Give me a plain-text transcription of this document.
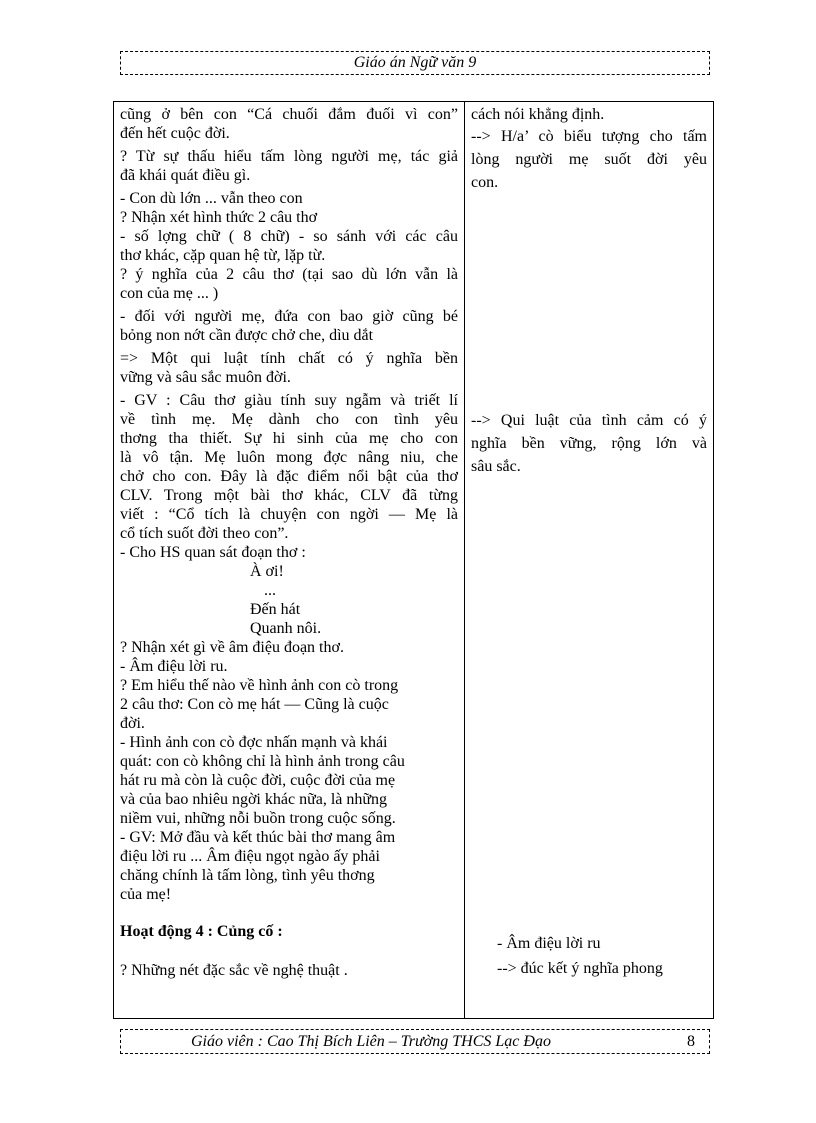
Giáo án Ngữ văn 9

cũng ở bên con “Cá chuối đắm đuối vì con”

đến hết cuộc đời.

? Từ sự thấu hiểu tấm lòng người mẹ, tác giả

đã khái quát điều gì.

- Con dù lớn ... vẫn theo con

? Nhận xét hình thức 2 câu thơ

- số lợng chữ ( 8 chữ) - so sánh với các câu

thơ khác, cặp quan hệ từ, lặp từ.

? ý nghĩa của 2 câu thơ (tại sao dù lớn vẫn là

con của mẹ ... )

- đối với người mẹ, đứa con bao giờ cũng bé

bỏng non nớt cần được chở che, dìu dắt

=> Một qui luật tính chất có ý nghĩa bền

vững và sâu sắc muôn đời.

- GV : Câu thơ giàu tính suy ngẫm và triết lí

về tình mẹ. Mẹ dành cho con tình yêu

thơng tha thiết. Sự hi sinh của mẹ cho con

là vô tận. Mẹ luôn mong đợc nâng niu, che

chở cho con. Đây là đặc điểm nổi bật của thơ

CLV. Trong một bài thơ khác, CLV đã từng

viết : “Cổ tích là chuyện con ngời — Mẹ là

cổ tích suốt đời theo con”.

- Cho HS quan sát đoạn thơ :

À ơi!

...

Đến hát

Quanh nôi.

? Nhận xét gì về âm điệu đoạn thơ.

- Âm điệu lời ru.

? Em hiểu thế nào về hình ảnh con cò trong

2 câu thơ: Con cò mẹ hát — Cũng là cuộc

đời.

- Hình ảnh con cò đợc nhấn mạnh và khái

quát: con cò không chỉ là hình ảnh trong câu

hát ru mà còn là cuộc đời, cuộc đời của mẹ

và của bao nhiêu ngời khác nữa, là những

niềm vui, những nỗi buồn trong cuộc sống.

- GV: Mở đầu và kết thúc bài thơ mang âm

điệu lời ru ... Âm điệu ngọt ngào ấy phải

chăng chính là tấm lòng, tình yêu thơng

của mẹ!

Hoạt động 4 : Củng cố :

? Những nét đặc sắc về nghệ thuật .

cách nói khẳng định.

--> H/a’ cò biểu tượng cho tấm

lòng người mẹ suốt đời yêu

con.

--> Qui luật của tình cảm có ý

nghĩa bền vững, rộng lớn và

sâu sắc.

- Âm điệu lời ru

--> đúc kết ý nghĩa phong

Giáo viên : Cao Thị Bích Liên – Trường THCS Lạc Đạo	8
